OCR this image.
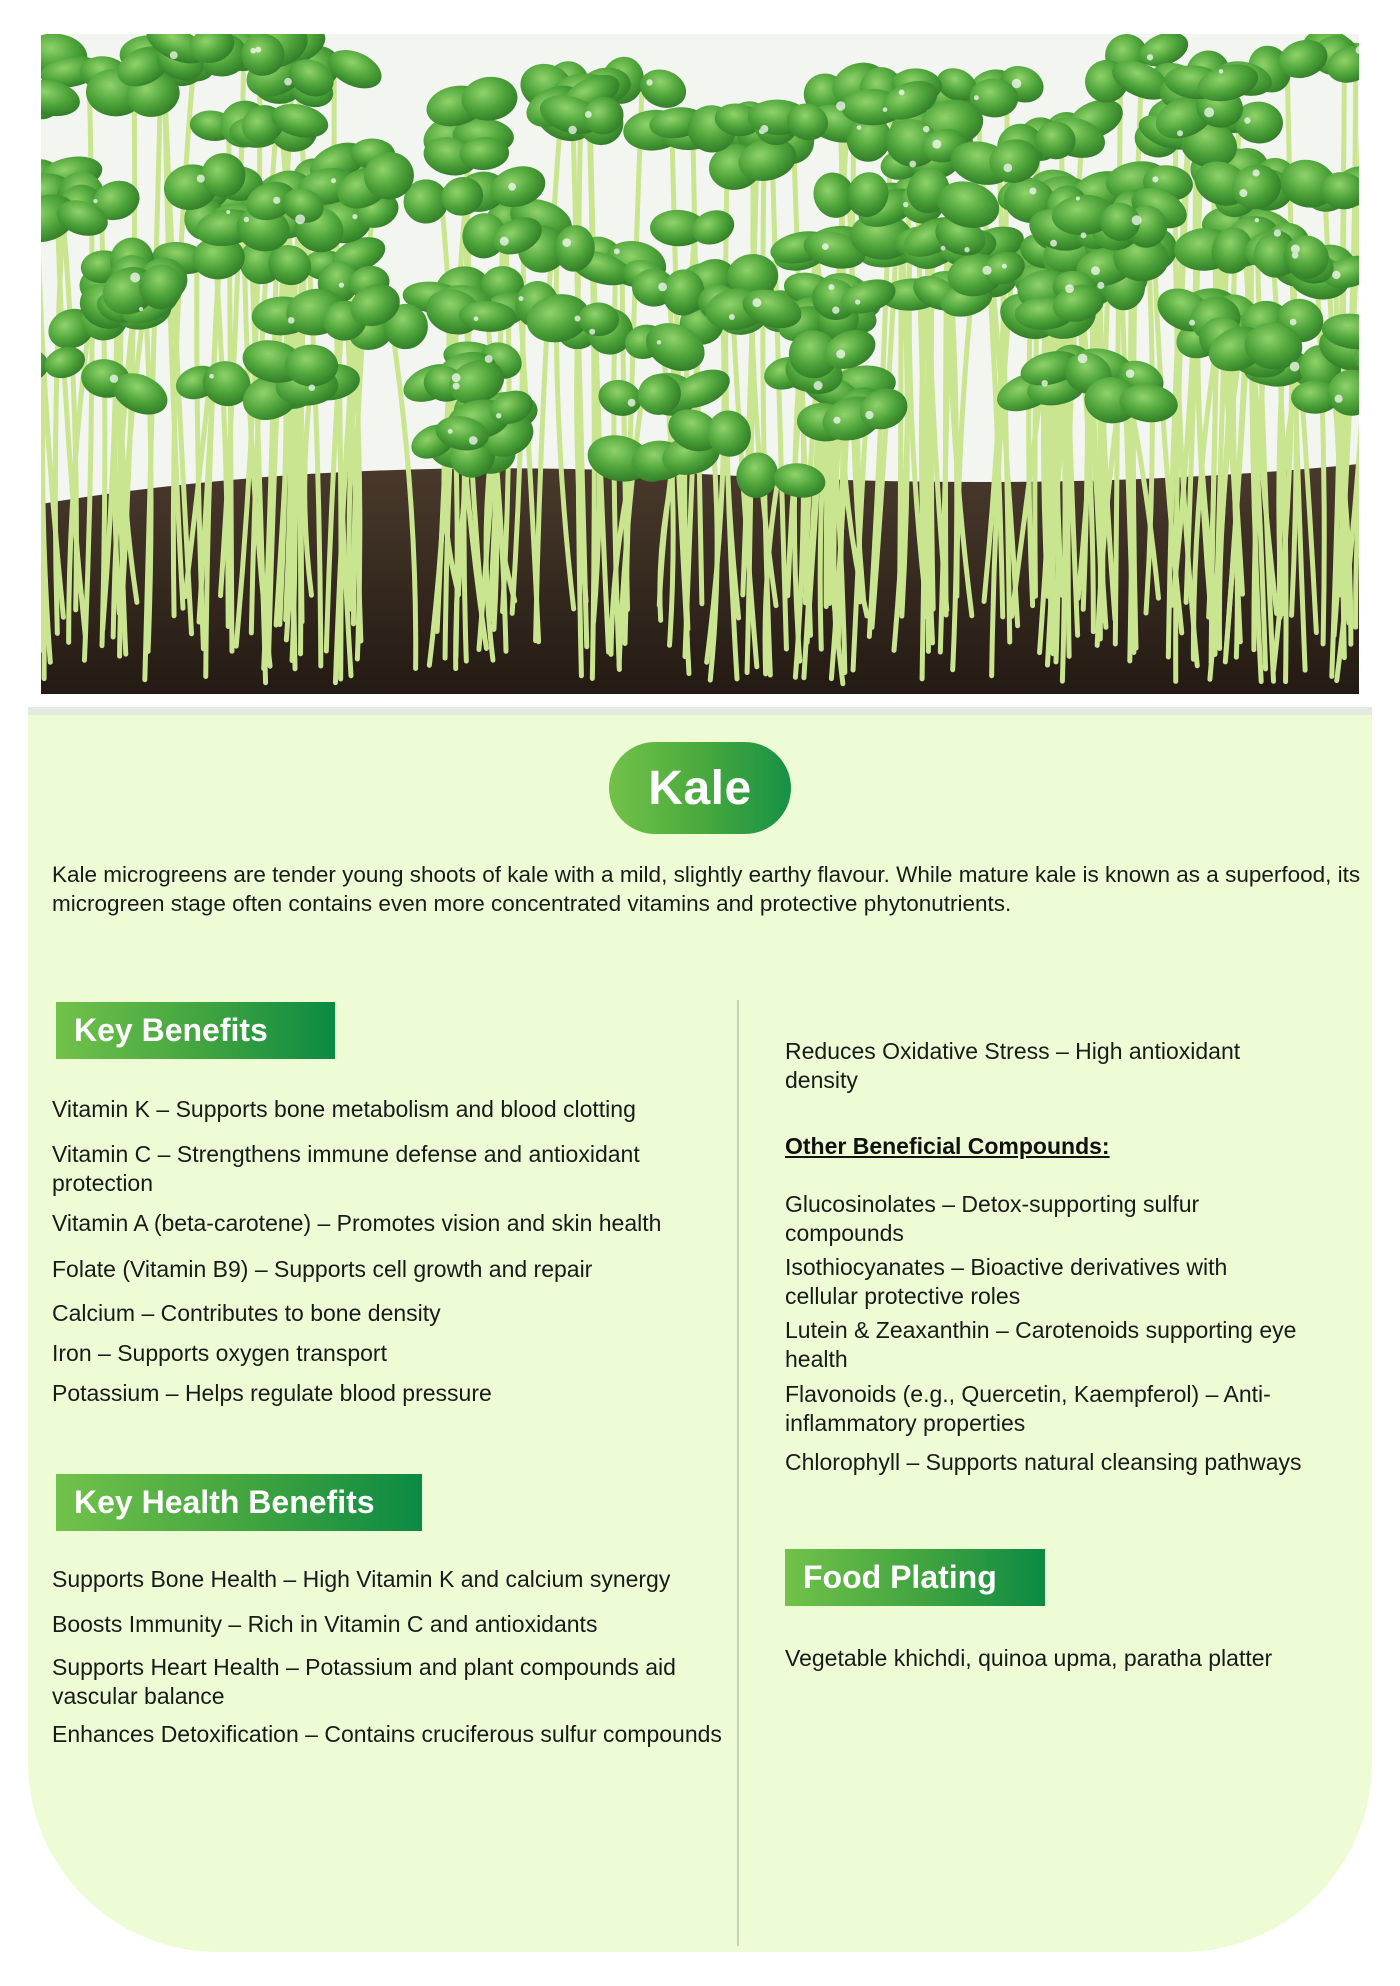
Kale

Kale microgreens are tender young shoots of kale with a mild, slightly earthy flavour. While mature kale is known as a superfood, its microgreen stage often contains even more concentrated vitamins and protective phytonutrients.

Key Benefits
Vitamin K – Supports bone metabolism and blood clotting
Vitamin C – Strengthens immune defense and antioxidant protection
Vitamin A (beta-carotene) – Promotes vision and skin health
Folate (Vitamin B9) – Supports cell growth and repair
Calcium – Contributes to bone density
Iron – Supports oxygen transport
Potassium – Helps regulate blood pressure
Key Health Benefits
Supports Bone Health – High Vitamin K and calcium synergy
Boosts Immunity – Rich in Vitamin C and antioxidants
Supports Heart Health – Potassium and plant compounds aid vascular balance
Enhances Detoxification – Contains cruciferous sulfur compounds
Reduces Oxidative Stress – High antioxidant density
Other Beneficial Compounds:
Glucosinolates – Detox-supporting sulfur compounds
Isothiocyanates – Bioactive derivatives with cellular protective roles
Lutein & Zeaxanthin – Carotenoids supporting eye health
Flavonoids (e.g., Quercetin, Kaempferol) – Anti-inflammatory properties
Chlorophyll – Supports natural cleansing pathways
Food Plating
Vegetable khichdi, quinoa upma, paratha platter
